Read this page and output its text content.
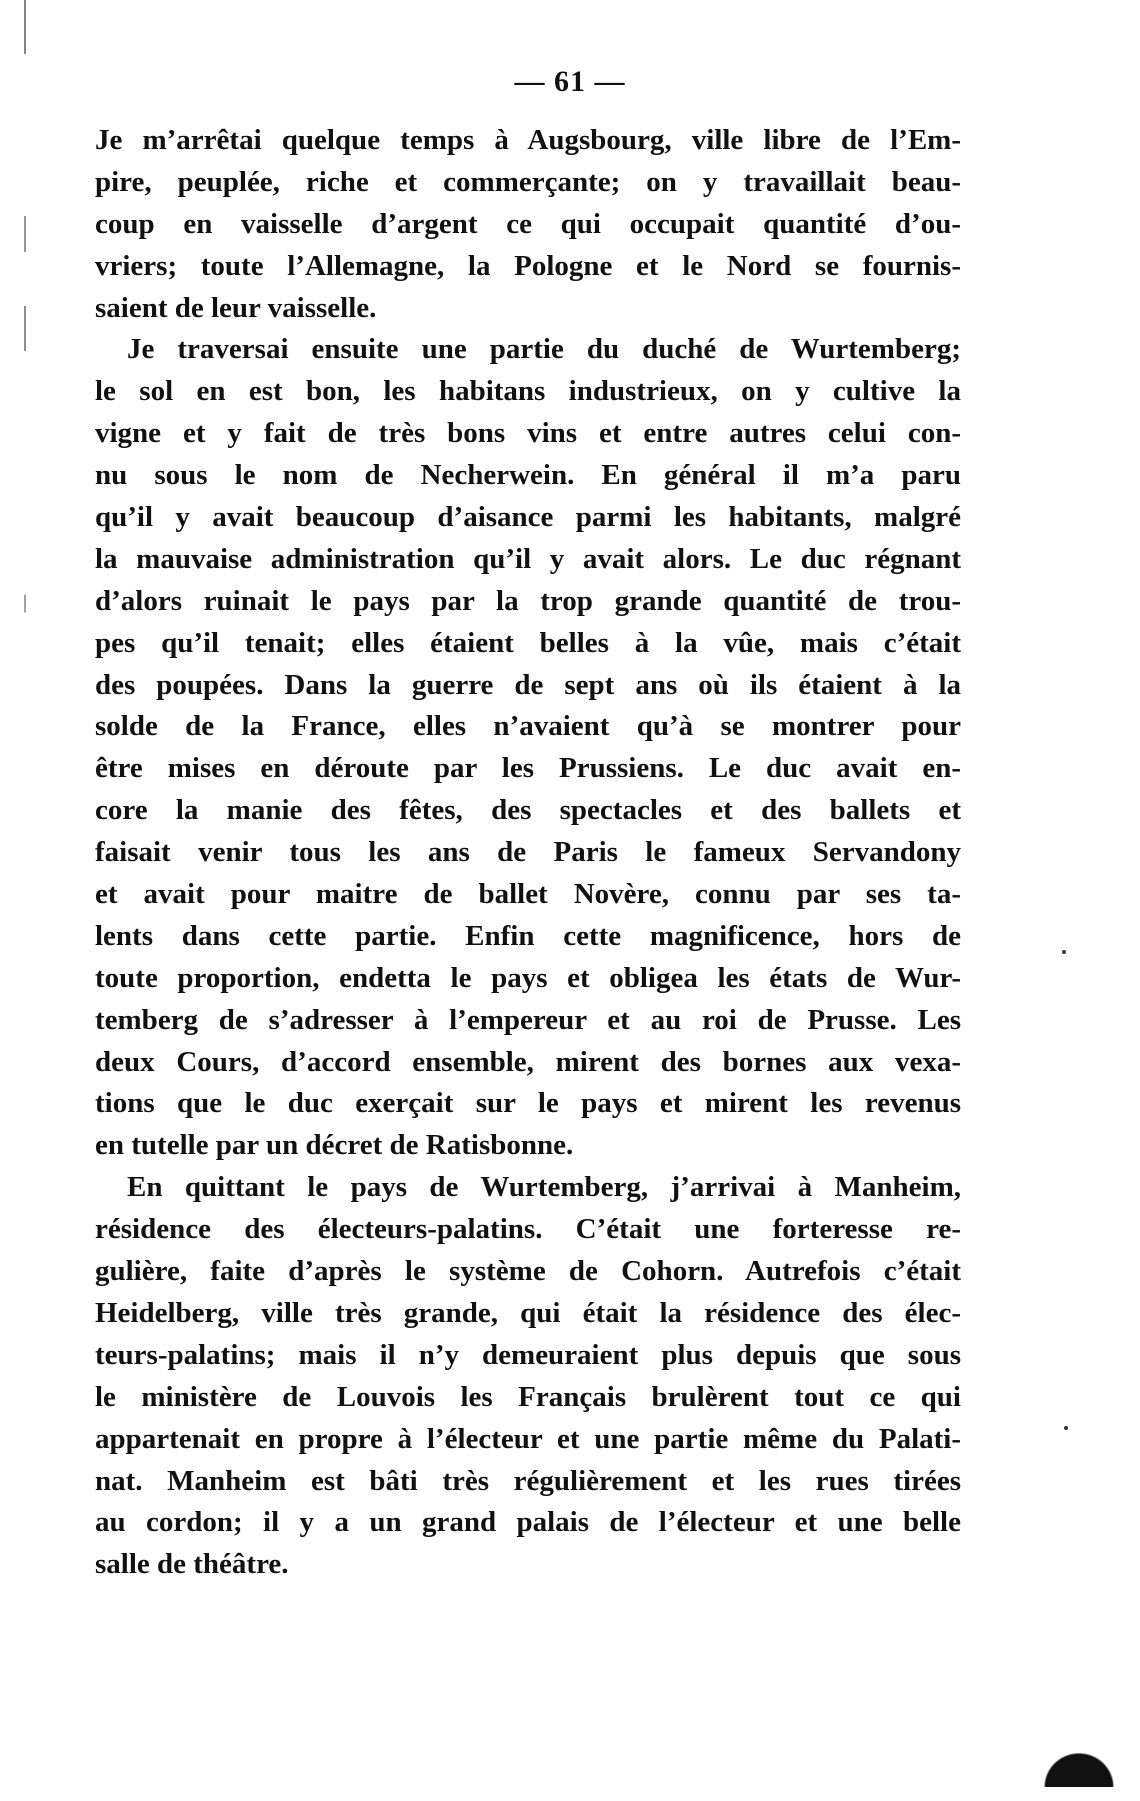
— 61 —
Je m’arrêtai quelque temps à Augsbourg, ville libre de l’Em-
pire, peuplée, riche et commerçante; on y travaillait beau-
coup en vaisselle d’argent ce qui occupait quantité d’ou-
vriers; toute l’Allemagne, la Pologne et le Nord se fournis-
saient de leur vaisselle.
Je traversai ensuite une partie du duché de Wurtemberg;
le sol en est bon, les habitans industrieux, on y cultive la
vigne et y fait de très bons vins et entre autres celui con-
nu sous le nom de Necherwein. En général il m’a paru
qu’il y avait beaucoup d’aisance parmi les habitants, malgré
la mauvaise administration qu’il y avait alors. Le duc régnant
d’alors ruinait le pays par la trop grande quantité de trou-
pes qu’il tenait; elles étaient belles à la vûe, mais c’était
des poupées. Dans la guerre de sept ans où ils étaient à la
solde de la France, elles n’avaient qu’à se montrer pour
être mises en déroute par les Prussiens. Le duc avait en-
core la manie des fêtes, des spectacles et des ballets et
faisait venir tous les ans de Paris le fameux Servandony
et avait pour maitre de ballet Novère, connu par ses ta-
lents dans cette partie. Enfin cette magnificence, hors de
toute proportion, endetta le pays et obligea les états de Wur-
temberg de s’adresser à l’empereur et au roi de Prusse. Les
deux Cours, d’accord ensemble, mirent des bornes aux vexa-
tions que le duc exerçait sur le pays et mirent les revenus
en tutelle par un décret de Ratisbonne.
En quittant le pays de Wurtemberg, j’arrivai à Manheim,
résidence des électeurs-palatins. C’était une forteresse re-
gulière, faite d’après le système de Cohorn. Autrefois c’était
Heidelberg, ville très grande, qui était la résidence des élec-
teurs-palatins; mais il n’y demeuraient plus depuis que sous
le ministère de Louvois les Français brulèrent tout ce qui
appartenait en propre à l’électeur et une partie même du Palati-
nat. Manheim est bâti très régulièrement et les rues tirées
au cordon; il y a un grand palais de l’électeur et une belle
salle de théâtre.
